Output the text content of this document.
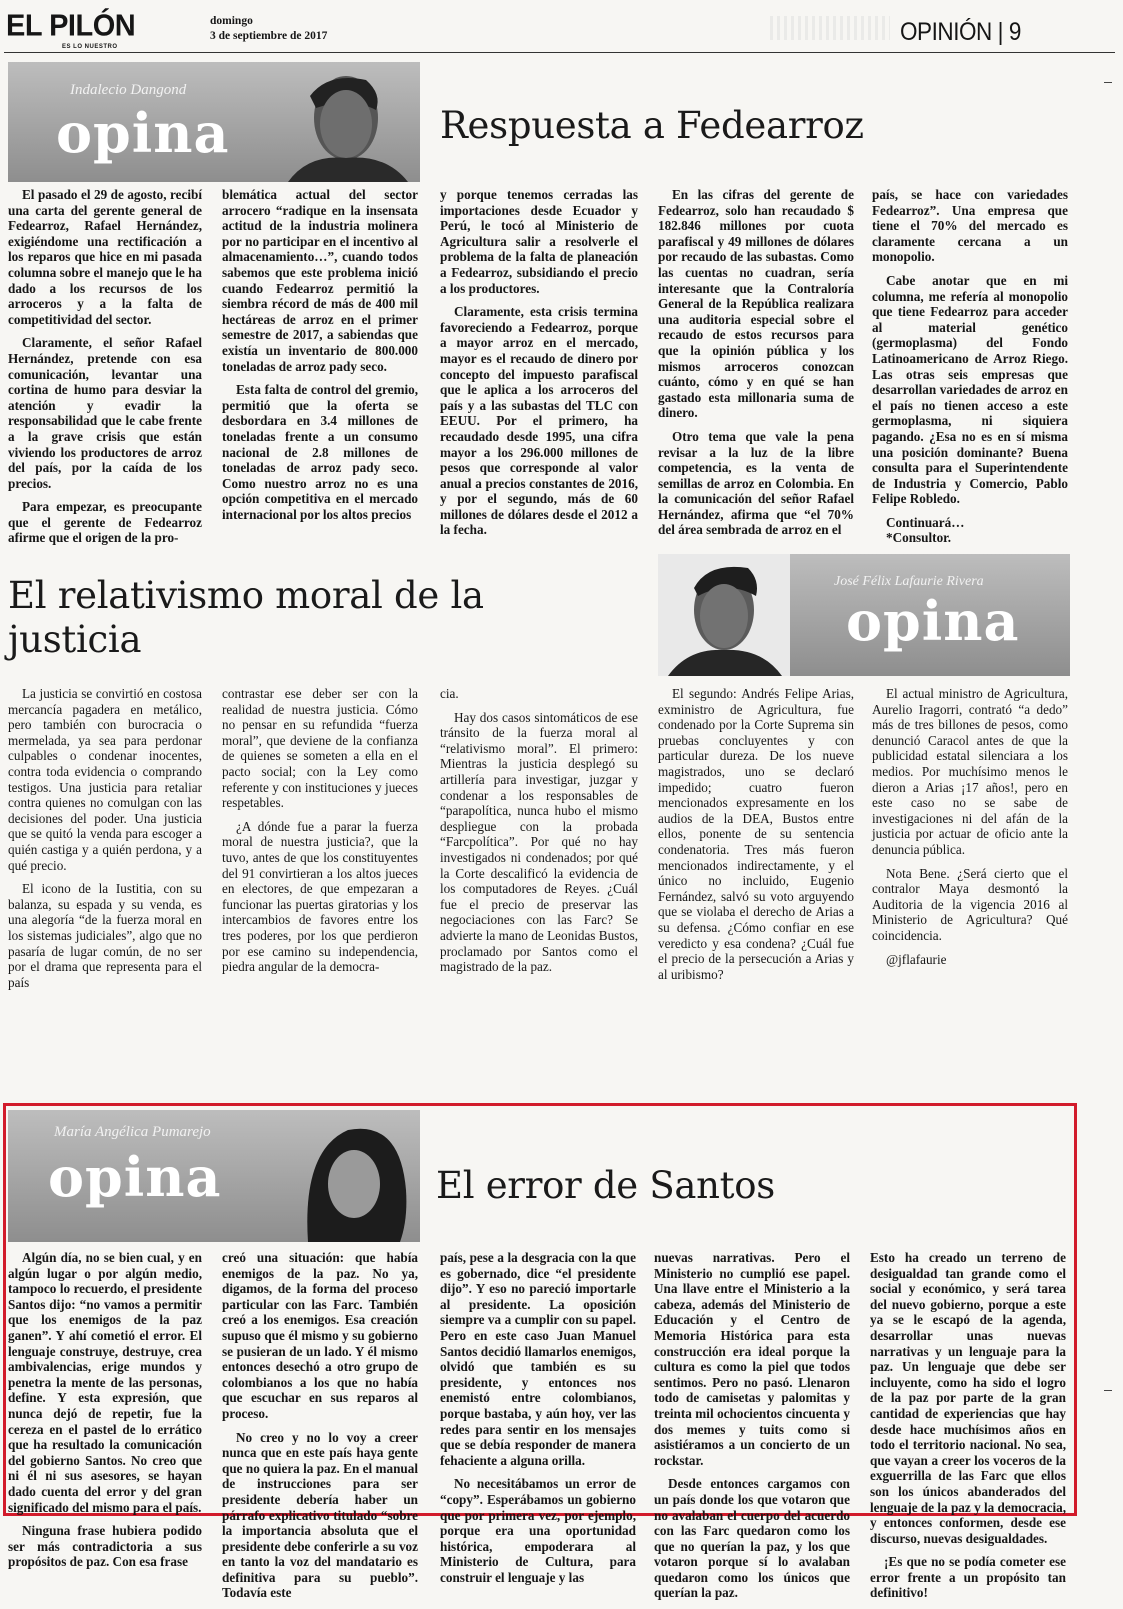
EL PILÓN
ES LO NUESTRO
domingo
3 de septiembre de 2017	OPINIÓN | 9
Indalecio Dangond
opina	Respuesta a Fedearroz

El pasado el 29 de agosto, recibí una carta del gerente general de Fedearroz, Rafael Hernández, exigiéndome una rectificación a los reparos que hice en mi pasada columna sobre el manejo que le ha dado a los recursos de los arroceros y a la falta de competitividad del sector.

Claramente, el señor Rafael Hernández, pretende con esa comunicación, levantar una cortina de humo para desviar la atención y evadir la responsabilidad que le cabe frente a la grave crisis que están viviendo los productores de arroz del país, por la caída de los precios.

Para empezar, es preocupante que el gerente de Fedearroz afirme que el origen de la pro-

blemática actual del sector arrocero “radique en la insensata actitud de la industria molinera por no participar en el incentivo al almacenamiento…”, cuando todos sabemos que este problema inició cuando Fedearroz permitió la siembra récord de más de 400 mil hectáreas de arroz en el primer semestre de 2017, a sabiendas que existía un inventario de 800.000 toneladas de arroz pady seco.

Esta falta de control del gremio, permitió que la oferta se desbordara en 3.4 millones de toneladas frente a un consumo nacional de 2.8 millones de toneladas de arroz pady seco. Como nuestro arroz no es una opción competitiva en el mercado internacional por los altos precios

y porque tenemos cerradas las importaciones desde Ecuador y Perú, le tocó al Ministerio de Agricultura salir a resolverle el problema de la falta de planeación a Fedearroz, subsidiando el precio a los productores.

Claramente, esta crisis termina favoreciendo a Fedearroz, porque a mayor arroz en el mercado, mayor es el recaudo de dinero por concepto del impuesto parafiscal que le aplica a los arroceros del país y a las subastas del TLC con EEUU. Por el primero, ha recaudado desde 1995, una cifra mayor a los 296.000 millones de pesos que corresponde al valor anual a precios constantes de 2016, y por el segundo, más de 60 millones de dólares desde el 2012 a la fecha.

En las cifras del gerente de Fedearroz, solo han recaudado $ 182.846 millones por cuota parafiscal y 49 millones de dólares por recaudo de las subastas. Como las cuentas no cuadran, sería interesante que la Contraloría General de la República realizara una auditoria especial sobre el recaudo de estos recursos para que la opinión pública y los mismos arroceros conozcan cuánto, cómo y en qué se han gastado esta millonaria suma de dinero.

Otro tema que vale la pena revisar a la luz de la libre competencia, es la venta de semillas de arroz en Colombia. En la comunicación del señor Rafael Hernández, afirma que “el 70% del área sembrada de arroz en el

país, se hace con variedades Fedearroz”. Una empresa que tiene el 70% del mercado es claramente cercana a un monopolio.

Cabe anotar que en mi columna, me refería al monopolio que tiene Fedearroz para acceder al material genético (germoplasma) del Fondo Latinoamericano de Arroz Riego. Las otras seis empresas que desarrollan variedades de arroz en el país no tienen acceso a este germoplasma, ni siquiera pagando. ¿Esa no es en sí misma una posición dominante? Buena consulta para el Superintendente de Industria y Comercio, Pablo Felipe Robledo.

Continuará…

*Consultor.

El relativismo moral de la justicia
José Félix Lafaurie Rivera
opina

La justicia se convirtió en costosa mercancía pagadera en metálico, pero también con burocracia o mermelada, ya sea para perdonar culpables o condenar inocentes, contra toda evidencia o comprando testigos. Una justicia para retaliar contra quienes no comulgan con las decisiones del poder. Una justicia que se quitó la venda para escoger a quién castiga y a quién perdona, y a qué precio.

El icono de la Iustitia, con su balanza, su espada y su venda, es una alegoría “de la fuerza moral en los sistemas judiciales”, algo que no pasaría de lugar común, de no ser por el drama que representa para el país

contrastar ese deber ser con la realidad de nuestra justicia. Cómo no pensar en su refundida “fuerza moral”, que deviene de la confianza de quienes se someten a ella en el pacto social; con la Ley como referente y con instituciones y jueces respetables.

¿A dónde fue a parar la fuerza moral de nuestra justicia?, que la tuvo, antes de que los constituyentes del 91 convirtieran a los altos jueces en electores, de que empezaran a funcionar las puertas giratorias y los intercambios de favores entre los tres poderes, por los que perdieron por ese camino su independencia, piedra angular de la democra-

cia.

Hay dos casos sintomáticos de ese tránsito de la fuerza moral al “relativismo moral”. El primero: Mientras la justicia desplegó su artillería para investigar, juzgar y condenar a los responsables de “parapolítica, nunca hubo el mismo despliegue con la probada “Farcpolítica”. Por qué no hay investigados ni condenados; por qué la Corte descalificó la evidencia de los computadores de Reyes. ¿Cuál fue el precio de preservar las negociaciones con las Farc? Se advierte la mano de Leonidas Bustos, proclamado por Santos como el magistrado de la paz.

El segundo: Andrés Felipe Arias, exministro de Agricultura, fue condenado por la Corte Suprema sin pruebas concluyentes y con particular dureza. De los nueve magistrados, uno se declaró impedido; cuatro fueron mencionados expresamente en los audios de la DEA, Bustos entre ellos, ponente de su sentencia condenatoria. Tres más fueron mencionados indirectamente, y el único no incluido, Eugenio Fernández, salvó su voto arguyendo que se violaba el derecho de Arias a su defensa. ¿Cómo confiar en ese veredicto y esa condena? ¿Cuál fue el precio de la persecución a Arias y al uribismo?

El actual ministro de Agricultura, Aurelio Iragorri, contrató “a dedo” más de tres billones de pesos, como denunció Caracol antes de que la publicidad estatal silenciara a los medios. Por muchísimo menos le dieron a Arias ¡17 años!, pero en este caso no se sabe de investigaciones ni del afán de la justicia por actuar de oficio ante la denuncia pública.

Nota Bene. ¿Será cierto que el contralor Maya desmontó la Auditoria de la vigencia 2016 al Ministerio de Agricultura? Qué coincidencia.

@jflafaurie

María Angélica Pumarejo
opina	El error de Santos

Algún día, no se bien cual, y en algún lugar o por algún medio, tampoco lo recuerdo, el presidente Santos dijo: “no vamos a permitir que los enemigos de la paz ganen”. Y ahí cometió el error. El lenguaje construye, destruye, crea ambivalencias, erige mundos y penetra la mente de las personas, define. Y esta expresión, que nunca dejó de repetir, fue la cereza en el pastel de lo errático que ha resultado la comunicación del gobierno Santos. No creo que ni él ni sus asesores, se hayan dado cuenta del error y del gran significado del mismo para el país.

Ninguna frase hubiera podido ser más contradictoria a sus propósitos de paz. Con esa frase

creó una situación: que había enemigos de la paz. No ya, digamos, de la forma del proceso particular con las Farc. También creó a los enemigos. Esa creación supuso que él mismo y su gobierno se pusieran de un lado. Y él mismo entonces desechó a otro grupo de colombianos a los que no había que escuchar en sus reparos al proceso.

No creo y no lo voy a creer nunca que en este país haya gente que no quiera la paz. En el manual de instrucciones para ser presidente debería haber un párrafo explicativo titulado “sobre la importancia absoluta que el presidente debe conferirle a su voz en tanto la voz del mandatario es definitiva para su pueblo”. Todavía este

país, pese a la desgracia con la que es gobernado, dice “el presidente dijo”. Y eso no pareció importarle al presidente. La oposición siempre va a cumplir con su papel. Pero en este caso Juan Manuel Santos decidió llamarlos enemigos, olvidó que también es su presidente, y entonces nos enemistó entre colombianos, porque bastaba, y aún hoy, ver las redes para sentir en los mensajes que se debía responder de manera fehaciente a alguna orilla.

No necesitábamos un error de “copy”. Esperábamos un gobierno que por primera vez, por ejemplo, porque era una oportunidad histórica, empoderara al Ministerio de Cultura, para construir el lenguaje y las

nuevas narrativas. Pero el Ministerio no cumplió ese papel. Una llave entre el Ministerio a la cabeza, además del Ministerio de Educación y el Centro de Memoria Histórica para esta construcción era ideal porque la cultura es como la piel que todos sentimos. Pero no pasó. Llenaron todo de camisetas y palomitas y treinta mil ochocientos cincuenta y dos memes y tuits como si asistiéramos a un concierto de un rockstar.

Desde entonces cargamos con un país donde los que votaron que no avalaban el cuerpo del acuerdo con las Farc quedaron como los que no querían la paz, y los que votaron porque sí lo avalaban quedaron como los únicos que querían la paz.

Esto ha creado un terreno de desigualdad tan grande como el social y económico, y será tarea del nuevo gobierno, porque a este ya se le escapó de la agenda, desarrollar unas nuevas narrativas y un lenguaje para la paz. Un lenguaje que debe ser incluyente, como ha sido el logro de la paz por parte de la gran cantidad de experiencias que hay desde hace muchísimos años en todo el territorio nacional. No sea, que vayan a creer los voceros de la exguerrilla de las Farc que ellos son los únicos abanderados del lenguaje de la paz y la democracia, y entonces conformen, desde ese discurso, nuevas desigualdades.

¡Es que no se podía cometer ese error frente a un propósito tan definitivo!
